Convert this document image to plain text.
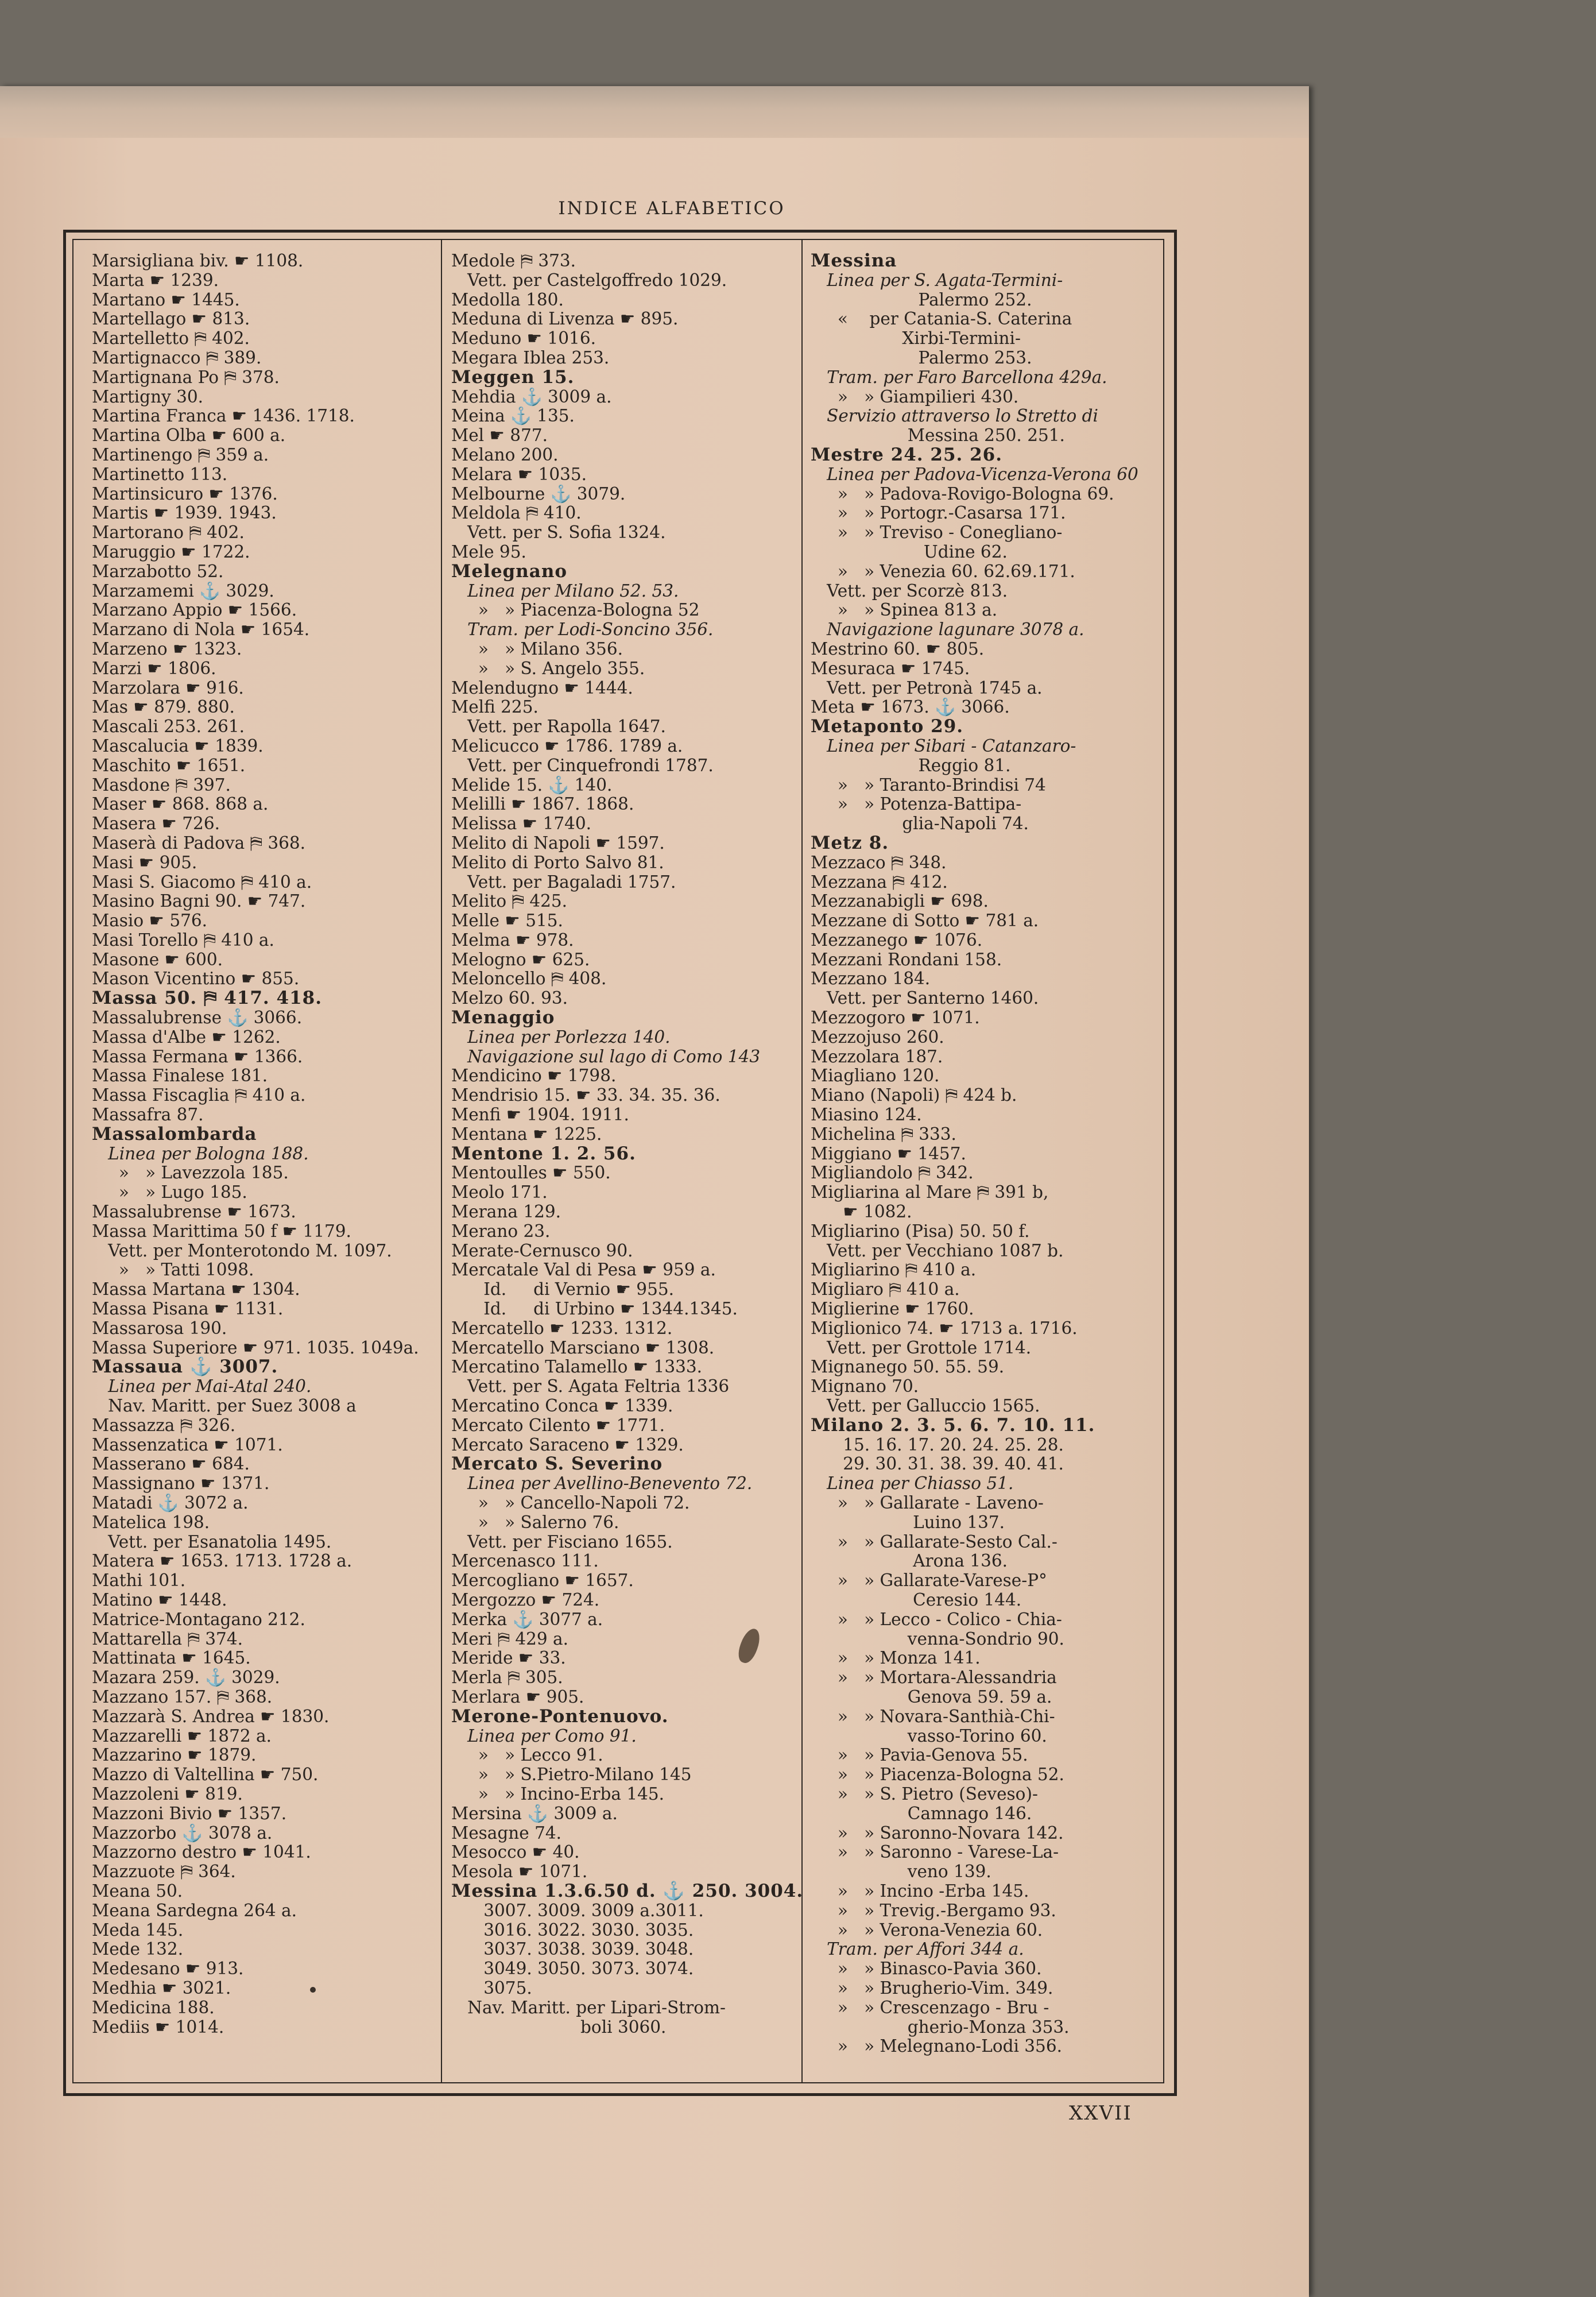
INDICE ALFABETICO
Marsigliana biv. ☛ 1108.
Marta ☛ 1239.
Martano ☛ 1445.
Martellago ☛ 813.
Martelletto ⛿ 402.
Martignacco ⛿ 389.
Martignana Po ⛿ 378.
Martigny 30.
Martina Franca ☛ 1436. 1718.
Martina Olba ☛ 600 a.
Martinengo ⛿ 359 a.
Martinetto 113.
Martinsicuro ☛ 1376.
Martis ☛ 1939. 1943.
Martorano ⛿ 402.
Maruggio ☛ 1722.
Marzabotto 52.
Marzamemi ⚓ 3029.
Marzano Appio ☛ 1566.
Marzano di Nola ☛ 1654.
Marzeno ☛ 1323.
Marzi ☛ 1806.
Marzolara ☛ 916.
Mas ☛ 879. 880.
Mascali 253. 261.
Mascalucia ☛ 1839.
Maschito ☛ 1651.
Masdone ⛿ 397.
Maser ☛ 868. 868 a.
Masera ☛ 726.
Maserà di Padova ⛿ 368.
Masi ☛ 905.
Masi S. Giacomo ⛿ 410 a.
Masino Bagni 90. ☛ 747.
Masio ☛ 576.
Masi Torello ⛿ 410 a.
Masone ☛ 600.
Mason Vicentino ☛ 855.
Massa 50. ⛿ 417. 418.
Massalubrense ⚓ 3066.
Massa d'Albe ☛ 1262.
Massa Fermana ☛ 1366.
Massa Finalese 181.
Massa Fiscaglia ⛿ 410 a.
Massafra 87.
Massalombarda
Linea per Bologna 188.
»   » Lavezzola 185.
»   » Lugo 185.
Massalubrense ☛ 1673.
Massa Marittima 50 f ☛ 1179.
Vett. per Monterotondo M. 1097.
»   » Tatti 1098.
Massa Martana ☛ 1304.
Massa Pisana ☛ 1131.
Massarosa 190.
Massa Superiore ☛ 971. 1035. 1049a.
Massaua ⚓ 3007.
Linea per Mai-Atal 240.
Nav. Maritt. per Suez 3008 a
Massazza ⛿ 326.
Massenzatica ☛ 1071.
Masserano ☛ 684.
Massignano ☛ 1371.
Matadi ⚓ 3072 a.
Matelica 198.
Vett. per Esanatolia 1495.
Matera ☛ 1653. 1713. 1728 a.
Mathi 101.
Matino ☛ 1448.
Matrice-Montagano 212.
Mattarella ⛿ 374.
Mattinata ☛ 1645.
Mazara 259. ⚓ 3029.
Mazzano 157. ⛿ 368.
Mazzarà S. Andrea ☛ 1830.
Mazzarelli ☛ 1872 a.
Mazzarino ☛ 1879.
Mazzo di Valtellina ☛ 750.
Mazzoleni ☛ 819.
Mazzoni Bivio ☛ 1357.
Mazzorbo ⚓ 3078 a.
Mazzorno destro ☛ 1041.
Mazzuote ⛿ 364.
Meana 50.
Meana Sardegna 264 a.
Meda 145.
Mede 132.
Medesano ☛ 913.
Medhia ☛ 3021.
Medicina 188.
Mediis ☛ 1014.
Medole ⛿ 373.
Vett. per Castelgoffredo 1029.
Medolla 180.
Meduna di Livenza ☛ 895.
Meduno ☛ 1016.
Megara Iblea 253.
Meggen 15.
Mehdia ⚓ 3009 a.
Meina ⚓ 135.
Mel ☛ 877.
Melano 200.
Melara ☛ 1035.
Melbourne ⚓ 3079.
Meldola ⛿ 410.
Vett. per S. Sofia 1324.
Mele 95.
Melegnano
Linea per Milano 52. 53.
»   » Piacenza-Bologna 52
Tram. per Lodi-Soncino 356.
»   » Milano 356.
»   » S. Angelo 355.
Melendugno ☛ 1444.
Melfi 225.
Vett. per Rapolla 1647.
Melicucco ☛ 1786. 1789 a.
Vett. per Cinquefrondi 1787.
Melide 15. ⚓ 140.
Melilli ☛ 1867. 1868.
Melissa ☛ 1740.
Melito di Napoli ☛ 1597.
Melito di Porto Salvo 81.
Vett. per Bagaladi 1757.
Melito ⛿ 425.
Melle ☛ 515.
Melma ☛ 978.
Melogno ☛ 625.
Meloncello ⛿ 408.
Melzo 60. 93.
Menaggio
Linea per Porlezza 140.
Navigazione sul lago di Como 143
Mendicino ☛ 1798.
Mendrisio 15. ☛ 33. 34. 35. 36.
Menfi ☛ 1904. 1911.
Mentana ☛ 1225.
Mentone 1. 2. 56.
Mentoulles ☛ 550.
Meolo 171.
Merana 129.
Merano 23.
Merate-Cernusco 90.
Mercatale Val di Pesa ☛ 959 a.
Id.     di Vernio ☛ 955.
Id.     di Urbino ☛ 1344.1345.
Mercatello ☛ 1233. 1312.
Mercatello Marsciano ☛ 1308.
Mercatino Talamello ☛ 1333.
Vett. per S. Agata Feltria 1336
Mercatino Conca ☛ 1339.
Mercato Cilento ☛ 1771.
Mercato Saraceno ☛ 1329.
Mercato S. Severino
Linea per Avellino-Benevento 72.
»   » Cancello-Napoli 72.
»   » Salerno 76.
Vett. per Fisciano 1655.
Mercenasco 111.
Mercogliano ☛ 1657.
Mergozzo ☛ 724.
Merka ⚓ 3077 a.
Meri ⛿ 429 a.
Meride ☛ 33.
Merla ⛿ 305.
Merlara ☛ 905.
Merone-Pontenuovo.
Linea per Como 91.
»   » Lecco 91.
»   » S.Pietro-Milano 145
»   » Incino-Erba 145.
Mersina ⚓ 3009 a.
Mesagne 74.
Mesocco ☛ 40.
Mesola ☛ 1071.
Messina 1.3.6.50 d. ⚓ 250. 3004.
3007. 3009. 3009 a.3011.
3016. 3022. 3030. 3035.
3037. 3038. 3039. 3048.
3049. 3050. 3073. 3074.
3075.
Nav. Maritt. per Lipari-Strom-
boli 3060.
Messina
Linea per S. Agata-Termini-
Palermo 252.
«    per Catania-S. Caterina
Xirbi-Termini-
Palermo 253.
Tram. per Faro Barcellona 429a.
»   » Giampilieri 430.
Servizio attraverso lo Stretto di
Messina 250. 251.
Mestre 24. 25. 26.
Linea per Padova-Vicenza-Verona 60
»   » Padova-Rovigo-Bologna 69.
»   » Portogr.-Casarsa 171.
»   » Treviso - Conegliano-
Udine 62.
»   » Venezia 60. 62.69.171.
Vett. per Scorzè 813.
»   » Spinea 813 a.
Navigazione lagunare 3078 a.
Mestrino 60. ☛ 805.
Mesuraca ☛ 1745.
Vett. per Petronà 1745 a.
Meta ☛ 1673. ⚓ 3066.
Metaponto 29.
Linea per Sibari - Catanzaro-
Reggio 81.
»   » Taranto-Brindisi 74
»   » Potenza-Battipa-
glia-Napoli 74.
Metz 8.
Mezzaco ⛿ 348.
Mezzana ⛿ 412.
Mezzanabigli ☛ 698.
Mezzane di Sotto ☛ 781 a.
Mezzanego ☛ 1076.
Mezzani Rondani 158.
Mezzano 184.
Vett. per Santerno 1460.
Mezzogoro ☛ 1071.
Mezzojuso 260.
Mezzolara 187.
Miagliano 120.
Miano (Napoli) ⛿ 424 b.
Miasino 124.
Michelina ⛿ 333.
Miggiano ☛ 1457.
Migliandolo ⛿ 342.
Migliarina al Mare ⛿ 391 b,
☛ 1082.
Migliarino (Pisa) 50. 50 f.
Vett. per Vecchiano 1087 b.
Migliarino ⛿ 410 a.
Migliaro ⛿ 410 a.
Miglierine ☛ 1760.
Miglionico 74. ☛ 1713 a. 1716.
Vett. per Grottole 1714.
Mignanego 50. 55. 59.
Mignano 70.
Vett. per Galluccio 1565.
Milano 2. 3. 5. 6. 7. 10. 11.
15. 16. 17. 20. 24. 25. 28.
29. 30. 31. 38. 39. 40. 41.
Linea per Chiasso 51.
»   » Gallarate - Laveno-
Luino 137.
»   » Gallarate-Sesto Cal.-
Arona 136.
»   » Gallarate-Varese-P°
Ceresio 144.
»   » Lecco - Colico - Chia-
venna-Sondrio 90.
»   » Monza 141.
»   » Mortara-Alessandria
Genova 59. 59 a.
»   » Novara-Santhià-Chi-
vasso-Torino 60.
»   » Pavia-Genova 55.
»   » Piacenza-Bologna 52.
»   » S. Pietro (Seveso)-
Camnago 146.
»   » Saronno-Novara 142.
»   » Saronno - Varese-La-
veno 139.
»   » Incino -Erba 145.
»   » Trevig.-Bergamo 93.
»   » Verona-Venezia 60.
Tram. per Affori 344 a.
»   » Binasco-Pavia 360.
»   » Brugherio-Vim. 349.
»   » Crescenzago - Bru -
gherio-Monza 353.
»   » Melegnano-Lodi 356.
XXVII
